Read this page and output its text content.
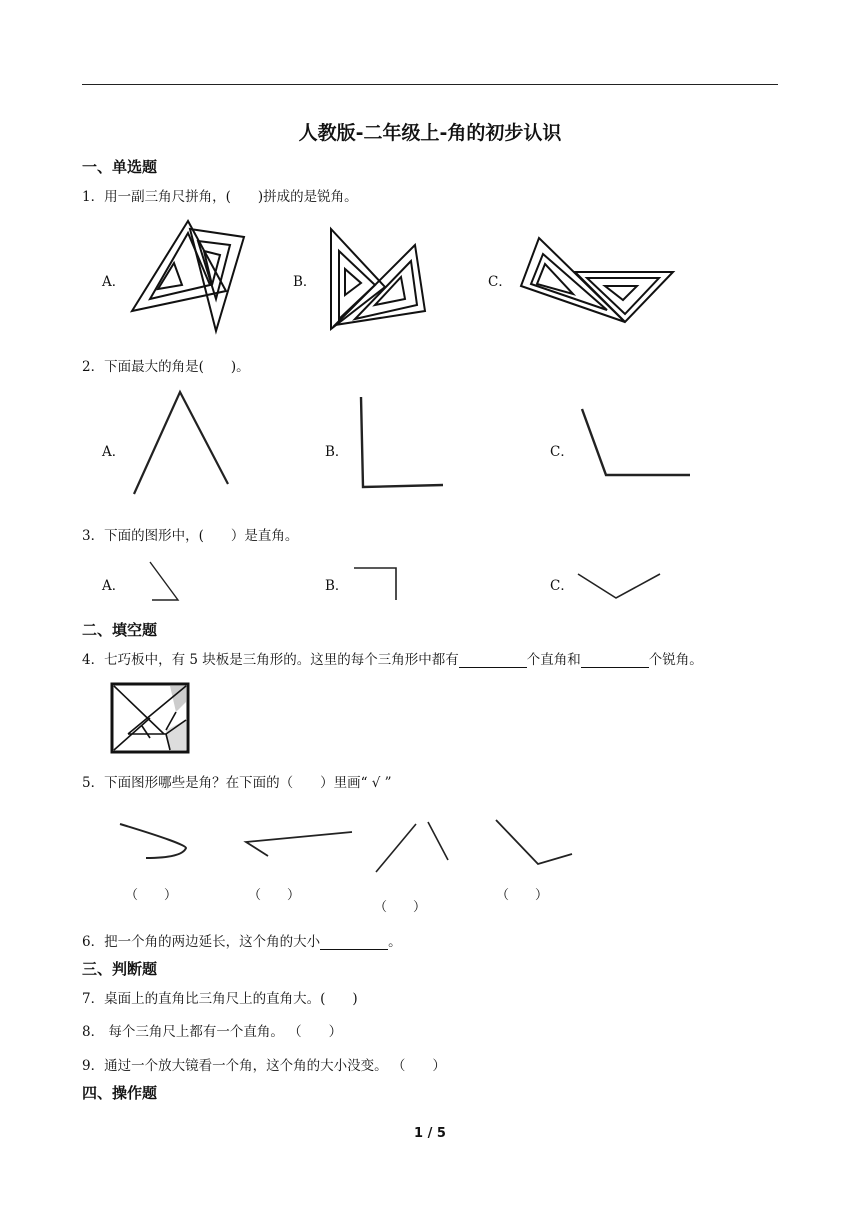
人教版-二年级上-角的初步认识
一、单选题
1．用一副三角尺拼角，(　　)拼成的是锐角。
A．	B．	C．
2．下面最大的角是(　　)。
A．	B．	C．
3．下面的图形中，(　　）是直角。
A．	B．	C．
二、填空题
4．七巧板中，有 5 块板是三角形的。这里的每个三角形中都有	个直角和	个锐角。
5．下面图形哪些是角？在下面的（　　）里画“ √ ”
（　　）	（　　）
（　　）
（　　）
6．把一个角的两边延长，这个角的大小	。
三、判断题
7．桌面上的直角比三角尺上的直角大。(　　)
8． 每个三角尺上都有一个直角。 （　　）
9．通过一个放大镜看一个角，这个角的大小没变。 （　　）
四、操作题
1 / 5
